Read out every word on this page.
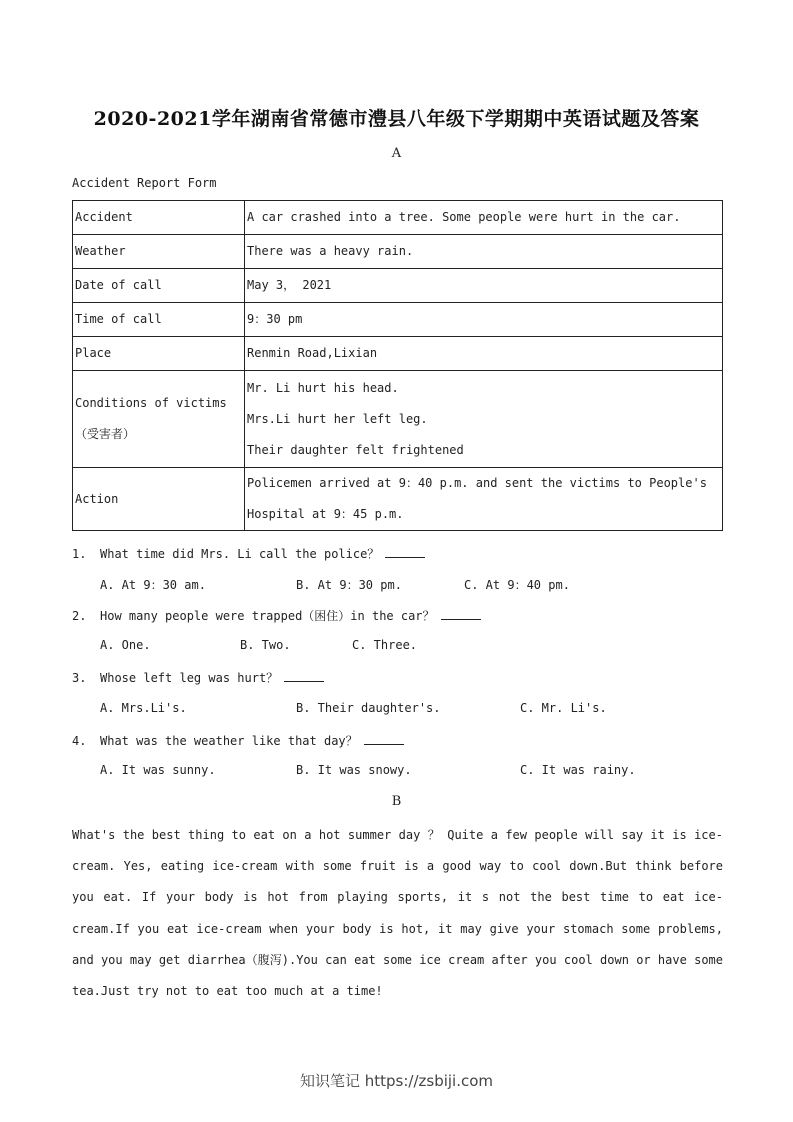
2020-2021学年湖南省常德市澧县八年级下学期期中英语试题及答案
A
Accident Report Form
Accident	A car crashed into a tree. Some people were hurt in the car.
Weather	There was a heavy rain.
Date of call	May 3， 2021
Time of call	9：30 pm
Place	Renmin Road,Lixian
Conditions of victims（受害者）	Mr. Li hurt his head.
Mrs.Li hurt her left leg.
Their daughter felt frightened

Action	Policemen arrived at 9：40 p.m. and sent the victims to People's Hospital at 9：45 p.m.
1. What time did Mrs. Li call the police？
A. At 9：30 am.	B. At 9：30 pm.	C. At 9：40 pm.
2. How many people were trapped（困住）in the car？
A. One.	B. Two.	C. Three.
3. Whose left leg was hurt？
A. Mrs.Li's.	B. Their daughter's.	C. Mr. Li's.
4. What was the weather like that day？
A. It was sunny.	B. It was snowy.	C. It was rainy.
B
What's the best thing to eat on a hot summer day ？ Quite a few people will say it is ice-cream. Yes, eating ice-cream with some fruit is a good way to cool down.But think before you eat. If your body is hot from playing sports, it s not the best time to eat ice-cream.If you eat ice-cream when your body is hot, it may give your stomach some problems, and you may get diarrhea（腹泻).You can eat some ice cream after you cool down or have some tea.Just try not to eat too much at a time!
知识笔记 https://zsbiji.com
